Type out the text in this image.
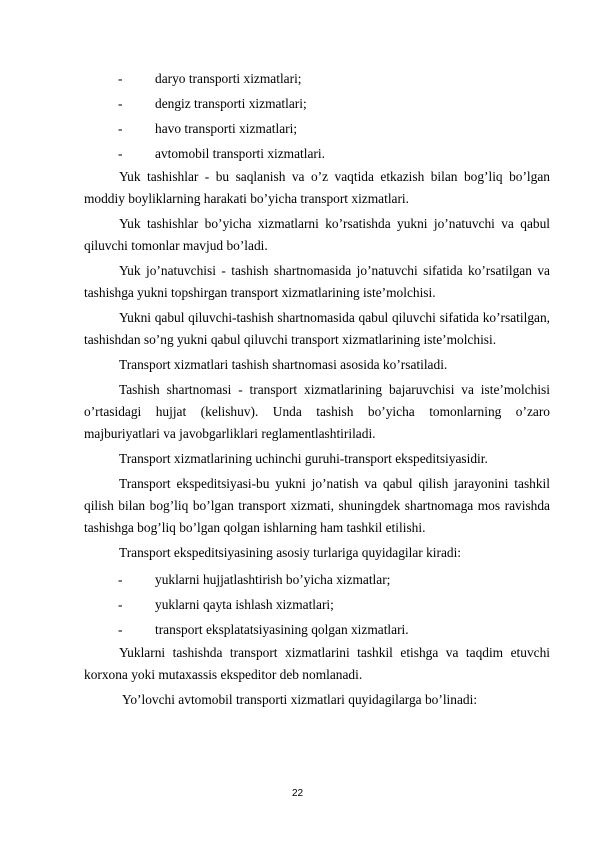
- daryo transporti xizmatlari;
- dengiz transporti xizmatlari;
- havo transporti xizmatlari;
- avtomobil transporti xizmatlari.

Yuk tashishlar - bu saqlanish va o’z vaqtida etkazish bilan bog’liq bo’lgan moddiy boyliklarning harakati bo’yicha transport xizmatlari.

Yuk tashishlar bo’yicha xizmatlarni ko’rsatishda yukni jo’natuvchi va qabul qiluvchi tomonlar mavjud bo’ladi.

Yuk jo’natuvchisi - tashish shartnomasida jo’natuvchi sifatida ko’rsatilgan va tashishga yukni topshirgan transport xizmatlarining iste’molchisi.

Yukni qabul qiluvchi-tashish shartnomasida qabul qiluvchi sifatida ko’rsatilgan, tashishdan so’ng yukni qabul qiluvchi transport xizmatlarining iste’molchisi.

Transport xizmatlari tashish shartnomasi asosida ko’rsatiladi.

Tashish shartnomasi - transport xizmatlarining bajaruvchisi va iste’molchisi o’rtasidagi hujjat (kelishuv). Unda tashish bo’yicha tomonlarning o’zaro majburiyatlari va javobgarliklari reglamentlashtiriladi.

Transport xizmatlarining uchinchi guruhi-transport ekspeditsiyasidir.

Transport ekspeditsiyasi-bu yukni jo’natish va qabul qilish jarayonini tashkil qilish bilan bog’liq bo’lgan transport xizmati, shuningdek shartnomaga mos ravishda tashishga bog’liq bo’lgan qolgan ishlarning ham tashkil etilishi.

Transport ekspeditsiyasining asosiy turlariga quyidagilar kiradi:

- yuklarni hujjatlashtirish bo’yicha xizmatlar;
- yuklarni qayta ishlash xizmatlari;
- transport eksplatatsiyasining qolgan xizmatlari.

Yuklarni tashishda transport xizmatlarini tashkil etishga va taqdim etuvchi korxona yoki mutaxassis ekspeditor deb nomlanadi.

Yo’lovchi avtomobil transporti xizmatlari quyidagilarga bo’linadi:

22
